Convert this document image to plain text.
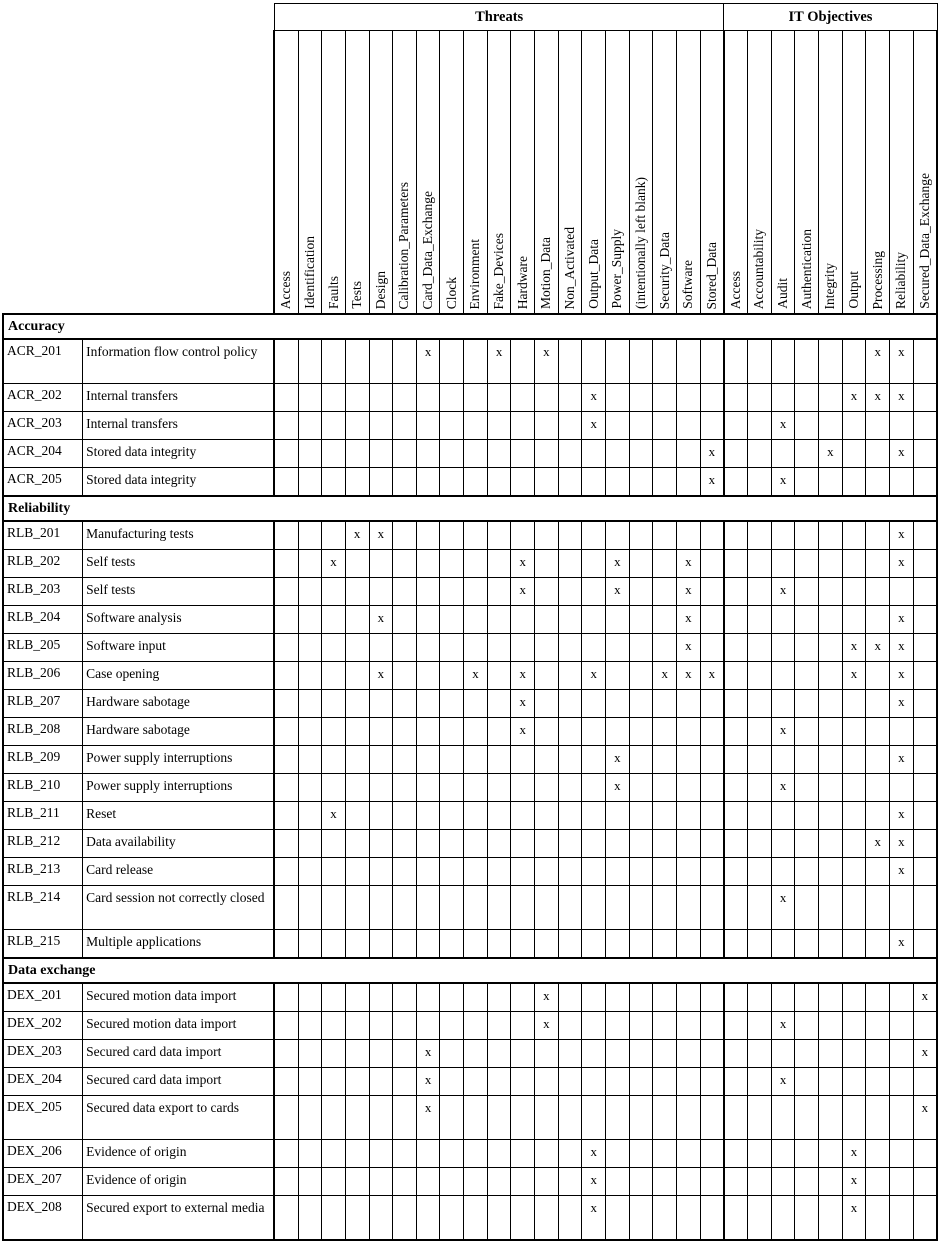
		Threats																			IT Objectives								
		Access	Identification	Faults	Tests	Design	Calibration_Parameters	Card_Data_Exchange	Clock	Environment	Fake_Devices	Hardware	Motion_Data	Non_Activated	Output_Data	Power_Supply	(intentionally left blank)	Security_Data	Software	Stored_Data	Access	Accountability	Audit	Authentication	Integrity	Output	Processing	Reliability	Secured_Data_Exchange
Accuracy																													
ACR_201	Information flow control policy							x			x		x														x	x	
ACR_202	Internal transfers														x											x	x	x	
ACR_203	Internal transfers														x								x						
ACR_204	Stored data integrity																			x					x			x	
ACR_205	Stored data integrity																			x			x						
Reliability																													
RLB_201	Manufacturing tests				x	x																						x	
RLB_202	Self tests			x								x				x			x									x	
RLB_203	Self tests											x				x			x				x						
RLB_204	Software analysis					x													x									x	
RLB_205	Software input																		x							x	x	x	
RLB_206	Case opening					x				x		x			x			x	x	x						x		x	
RLB_207	Hardware sabotage											x																x	
RLB_208	Hardware sabotage											x											x						
RLB_209	Power supply interruptions															x												x	
RLB_210	Power supply interruptions															x							x						
RLB_211	Reset			x																								x	
RLB_212	Data availability																										x	x	
RLB_213	Card release																											x	
RLB_214	Card session not correctly closed																						x						
RLB_215	Multiple applications																											x	
Data exchange																													
DEX_201	Secured motion data import												x																x
DEX_202	Secured motion data import												x										x						
DEX_203	Secured card data import							x																					x
DEX_204	Secured card data import							x															x						
DEX_205	Secured data export to cards							x																					x
DEX_206	Evidence of origin														x											x			
DEX_207	Evidence of origin														x											x			
DEX_208	Secured export to external media														x											x			
